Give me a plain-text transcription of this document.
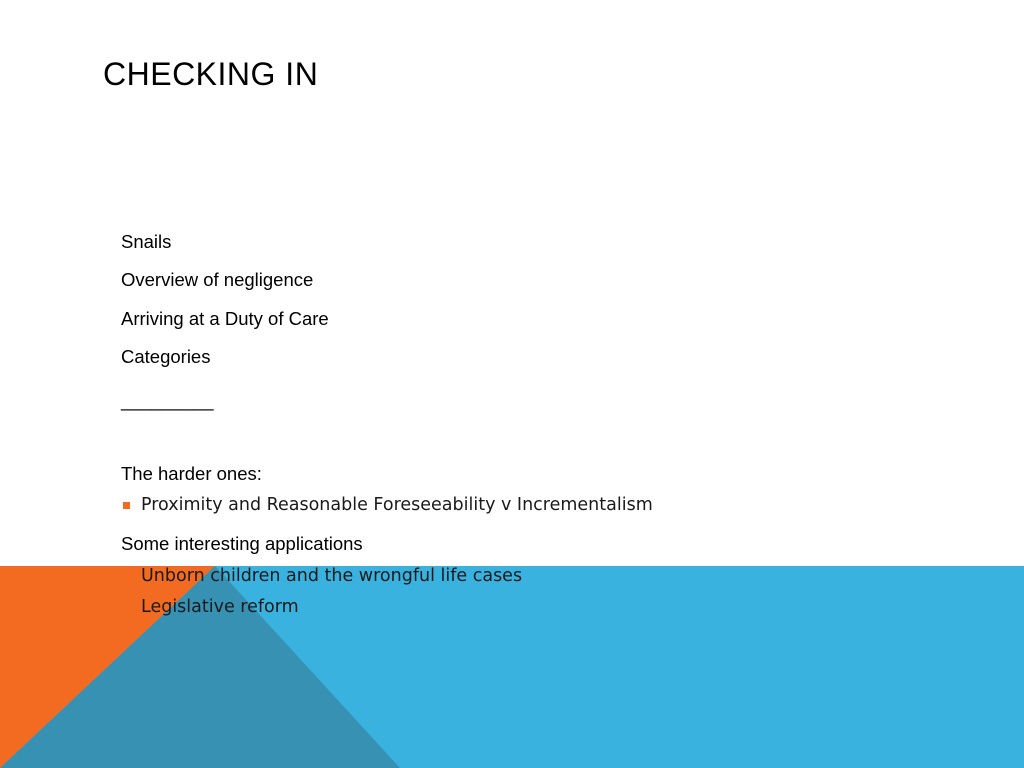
CHECKING IN
Snails
Overview of negligence
Arriving at a Duty of Care
Categories
_________
The harder ones:
Proximity and Reasonable Foreseeability v Incrementalism
Some interesting applications
Unborn children and the wrongful life cases
Legislative reform
